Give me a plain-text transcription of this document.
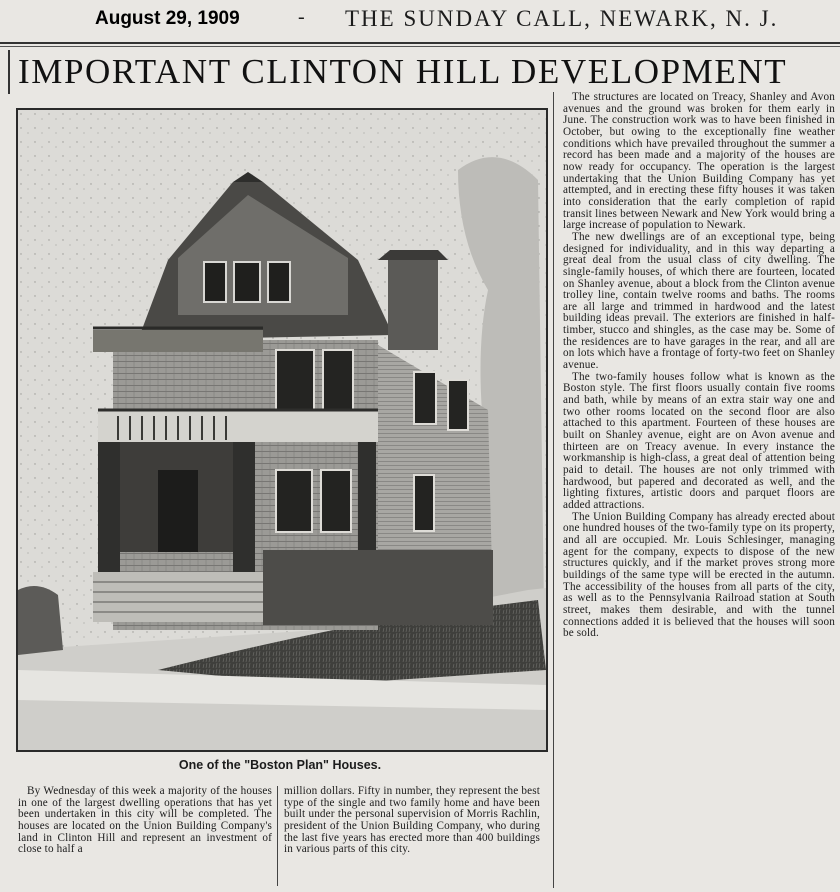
August 29, 1909	- THE SUNDAY CALL, NEWARK, N. J.
IMPORTANT CLINTON HILL DEVELOPMENT
One of the "Boston Plan" Houses.

The structures are located on Treacy, Shanley and Avon avenues and the ground was broken for them early in June. The construction work was to have been finished in October, but owing to the exceptionally fine weather conditions which have prevailed throughout the summer a record has been made and a majority of the houses are now ready for occupancy. The operation is the largest undertaking that the Union Building Company has yet attempted, and in erecting these fifty houses it was taken into consideration that the early completion of rapid transit lines between Newark and New York would bring a large increase of population to Newark.

The new dwellings are of an exceptional type, being designed for individuality, and in this way departing a great deal from the usual class of city dwelling. The single-family houses, of which there are fourteen, located on Shanley avenue, about a block from the Clinton avenue trolley line, contain twelve rooms and baths. The rooms are all large and trimmed in hardwood and the latest building ideas prevail. The exteriors are finished in half-timber, stucco and shingles, as the case may be. Some of the residences are to have garages in the rear, and all are on lots which have a frontage of forty-two feet on Shanley avenue.

The two-family houses follow what is known as the Boston style. The first floors usually contain five rooms and bath, while by means of an extra stair way one and two other rooms located on the second floor are also attached to this apartment. Fourteen of these houses are built on Shanley avenue, eight are on Avon avenue and thirteen are on Treacy avenue. In every instance the workmanship is high-class, a great deal of attention being paid to detail. The houses are not only trimmed with hardwood, but papered and decorated as well, and the lighting fixtures, artistic doors and parquet floors are added attractions.

The Union Building Company has already erected about one hundred houses of the two-family type on its property, and all are occupied. Mr. Louis Schlesinger, managing agent for the company, expects to dispose of the new structures quickly, and if the market proves strong more buildings of the same type will be erected in the autumn. The accessibility of the houses from all parts of the city, as well as to the Pennsylvania Railroad station at South street, makes them desirable, and with the tunnel connections added it is believed that the houses will soon be sold.

By Wednesday of this week a majority of the houses in one of the largest dwelling operations that has yet been undertaken in this city will be completed. The houses are located on the Union Building Company's land in Clinton Hill and represent an investment of close to half a

million dollars. Fifty in number, they represent the best type of the single and two family home and have been built under the personal supervision of Morris Rachlin, president of the Union Building Company, who during the last five years has erected more than 400 buildings in various parts of this city.
